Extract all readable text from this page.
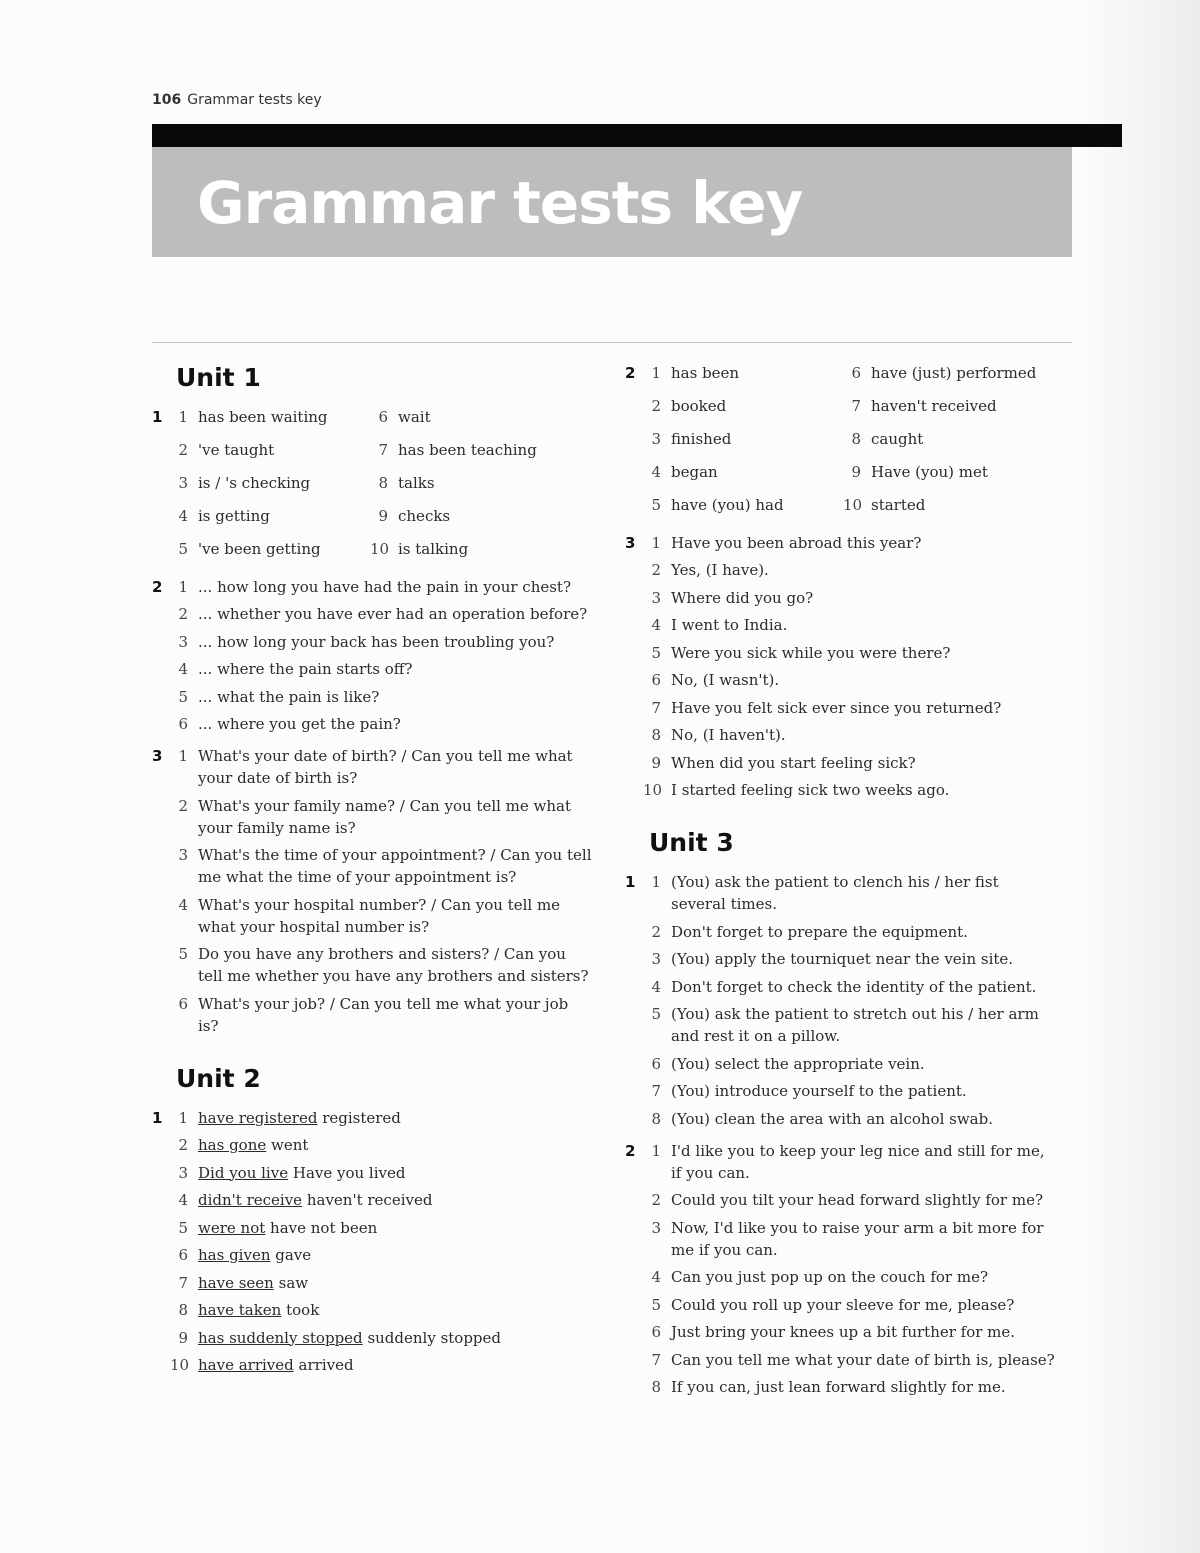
106 Grammar tests key
Grammar tests key
Unit 1
1	1 has been waiting	6 wait
2 've taught	7 has been teaching
3 is / 's checking	8 talks
4 is getting	9 checks
5 've been getting	10 is talking
2	1 ... how long you have had the pain in your chest?
2 ... whether you have ever had an operation before?
3 ... how long your back has been troubling you?
4 ... where the pain starts off?
5 ... what the pain is like?
6 ... where you get the pain?
3	1 What's your date of birth? / Can you tell me what your date of birth is?
2 What's your family name? / Can you tell me what your family name is?
3 What's the time of your appointment? / Can you tell me what the time of your appointment is?
4 What's your hospital number? / Can you tell me what your hospital number is?
5 Do you have any brothers and sisters? / Can you tell me whether you have any brothers and sisters?
6 What's your job? / Can you tell me what your job is?
Unit 2
1	1 have registered registered
2 has gone went
3 Did you live Have you lived
4 didn't receive haven't received
5 were not have not been
6 has given gave
7 have seen saw
8 have taken took
9 has suddenly stopped suddenly stopped
10 have arrived arrived
2	1 has been	6 have (just) performed
2 booked	7 haven't received
3 finished	8 caught
4 began	9 Have (you) met
5 have (you) had	10 started
3	1 Have you been abroad this year?
2 Yes, (I have).
3 Where did you go?
4 I went to India.
5 Were you sick while you were there?
6 No, (I wasn't).
7 Have you felt sick ever since you returned?
8 No, (I haven't).
9 When did you start feeling sick?
10 I started feeling sick two weeks ago.
Unit 3
1	1 (You) ask the patient to clench his / her fist several times.
2 Don't forget to prepare the equipment.
3 (You) apply the tourniquet near the vein site.
4 Don't forget to check the identity of the patient.
5 (You) ask the patient to stretch out his / her arm and rest it on a pillow.
6 (You) select the appropriate vein.
7 (You) introduce yourself to the patient.
8 (You) clean the area with an alcohol swab.
2	1 I'd like you to keep your leg nice and still for me, if you can.
2 Could you tilt your head forward slightly for me?
3 Now, I'd like you to raise your arm a bit more for me if you can.
4 Can you just pop up on the couch for me?
5 Could you roll up your sleeve for me, please?
6 Just bring your knees up a bit further for me.
7 Can you tell me what your date of birth is, please?
8 If you can, just lean forward slightly for me.
